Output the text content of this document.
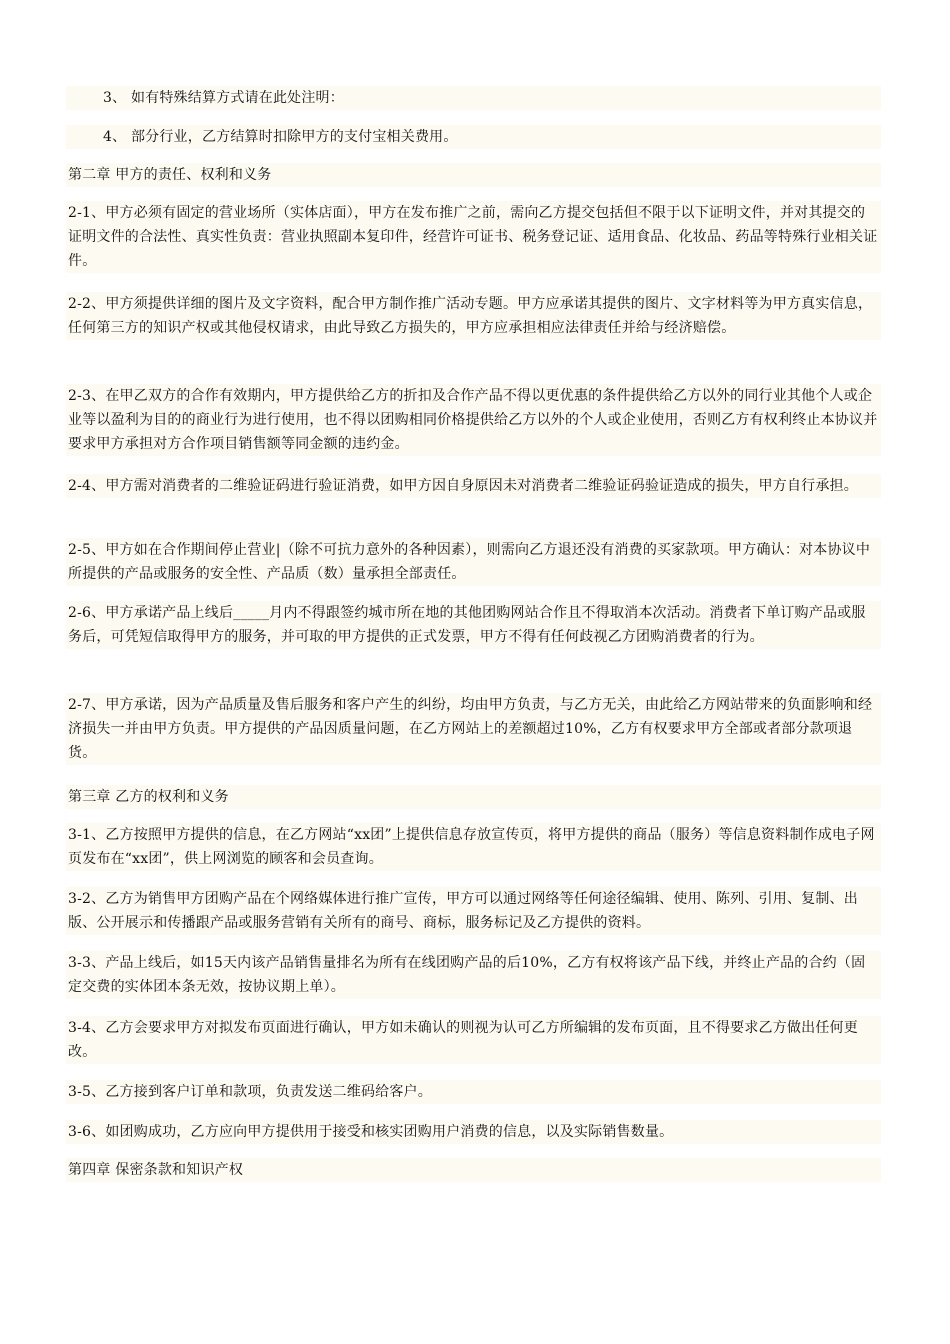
3、 如有特殊结算方式请在此处注明：

4、 部分行业，乙方结算时扣除甲方的支付宝相关费用。

第二章 甲方的责任、权利和义务

2-1、甲方必须有固定的营业场所（实体店面），甲方在发布推广之前，需向乙方提交包括但不限于以下证明文件，并对其提交的证明文件的合法性、真实性负责：营业执照副本复印件，经营许可证书、税务登记证、适用食品、化妆品、药品等特殊行业相关证件。

2-2、甲方须提供详细的图片及文字资料，配合甲方制作推广活动专题。甲方应承诺其提供的图片、文字材料等为甲方真实信息，任何第三方的知识产权或其他侵权请求，由此导致乙方损失的，甲方应承担相应法律责任并给与经济赔偿。

2-3、在甲乙双方的合作有效期内，甲方提供给乙方的折扣及合作产品不得以更优惠的条件提供给乙方以外的同行业其他个人或企业等以盈利为目的的商业行为进行使用，也不得以团购相同价格提供给乙方以外的个人或企业使用，否则乙方有权利终止本协议并要求甲方承担对方合作项目销售额等同金额的违约金。

2-4、甲方需对消费者的二维验证码进行验证消费，如甲方因自身原因未对消费者二维验证码验证造成的损失，甲方自行承担。

2-5、甲方如在合作期间停止营业|（除不可抗力意外的各种因素），则需向乙方退还没有消费的买家款项。甲方确认：对本协议中所提供的产品或服务的安全性、产品质（数）量承担全部责任。

2-6、甲方承诺产品上线后_____月内不得跟签约城市所在地的其他团购网站合作且不得取消本次活动。消费者下单订购产品或服务后，可凭短信取得甲方的服务，并可取的甲方提供的正式发票，甲方不得有任何歧视乙方团购消费者的行为。

2-7、甲方承诺，因为产品质量及售后服务和客户产生的纠纷，均由甲方负责，与乙方无关，由此给乙方网站带来的负面影响和经济损失一并由甲方负责。甲方提供的产品因质量问题，在乙方网站上的差额超过10%，乙方有权要求甲方全部或者部分款项退货。

第三章 乙方的权利和义务

3-1、乙方按照甲方提供的信息，在乙方网站“xx团”上提供信息存放宣传页，将甲方提供的商品（服务）等信息资料制作成电子网页发布在“xx团”，供上网浏览的顾客和会员查询。

3-2、乙方为销售甲方团购产品在个网络媒体进行推广宣传，甲方可以通过网络等任何途径编辑、使用、陈列、引用、复制、出版、公开展示和传播跟产品或服务营销有关所有的商号、商标，服务标记及乙方提供的资料。

3-3、产品上线后，如15天内该产品销售量排名为所有在线团购产品的后10%，乙方有权将该产品下线，并终止产品的合约（固定交费的实体团本条无效，按协议期上单）。

3-4、乙方会要求甲方对拟发布页面进行确认，甲方如未确认的则视为认可乙方所编辑的发布页面，且不得要求乙方做出任何更改。

3-5、乙方接到客户订单和款项，负责发送二维码给客户。

3-6、如团购成功，乙方应向甲方提供用于接受和核实团购用户消费的信息，以及实际销售数量。

第四章 保密条款和知识产权
